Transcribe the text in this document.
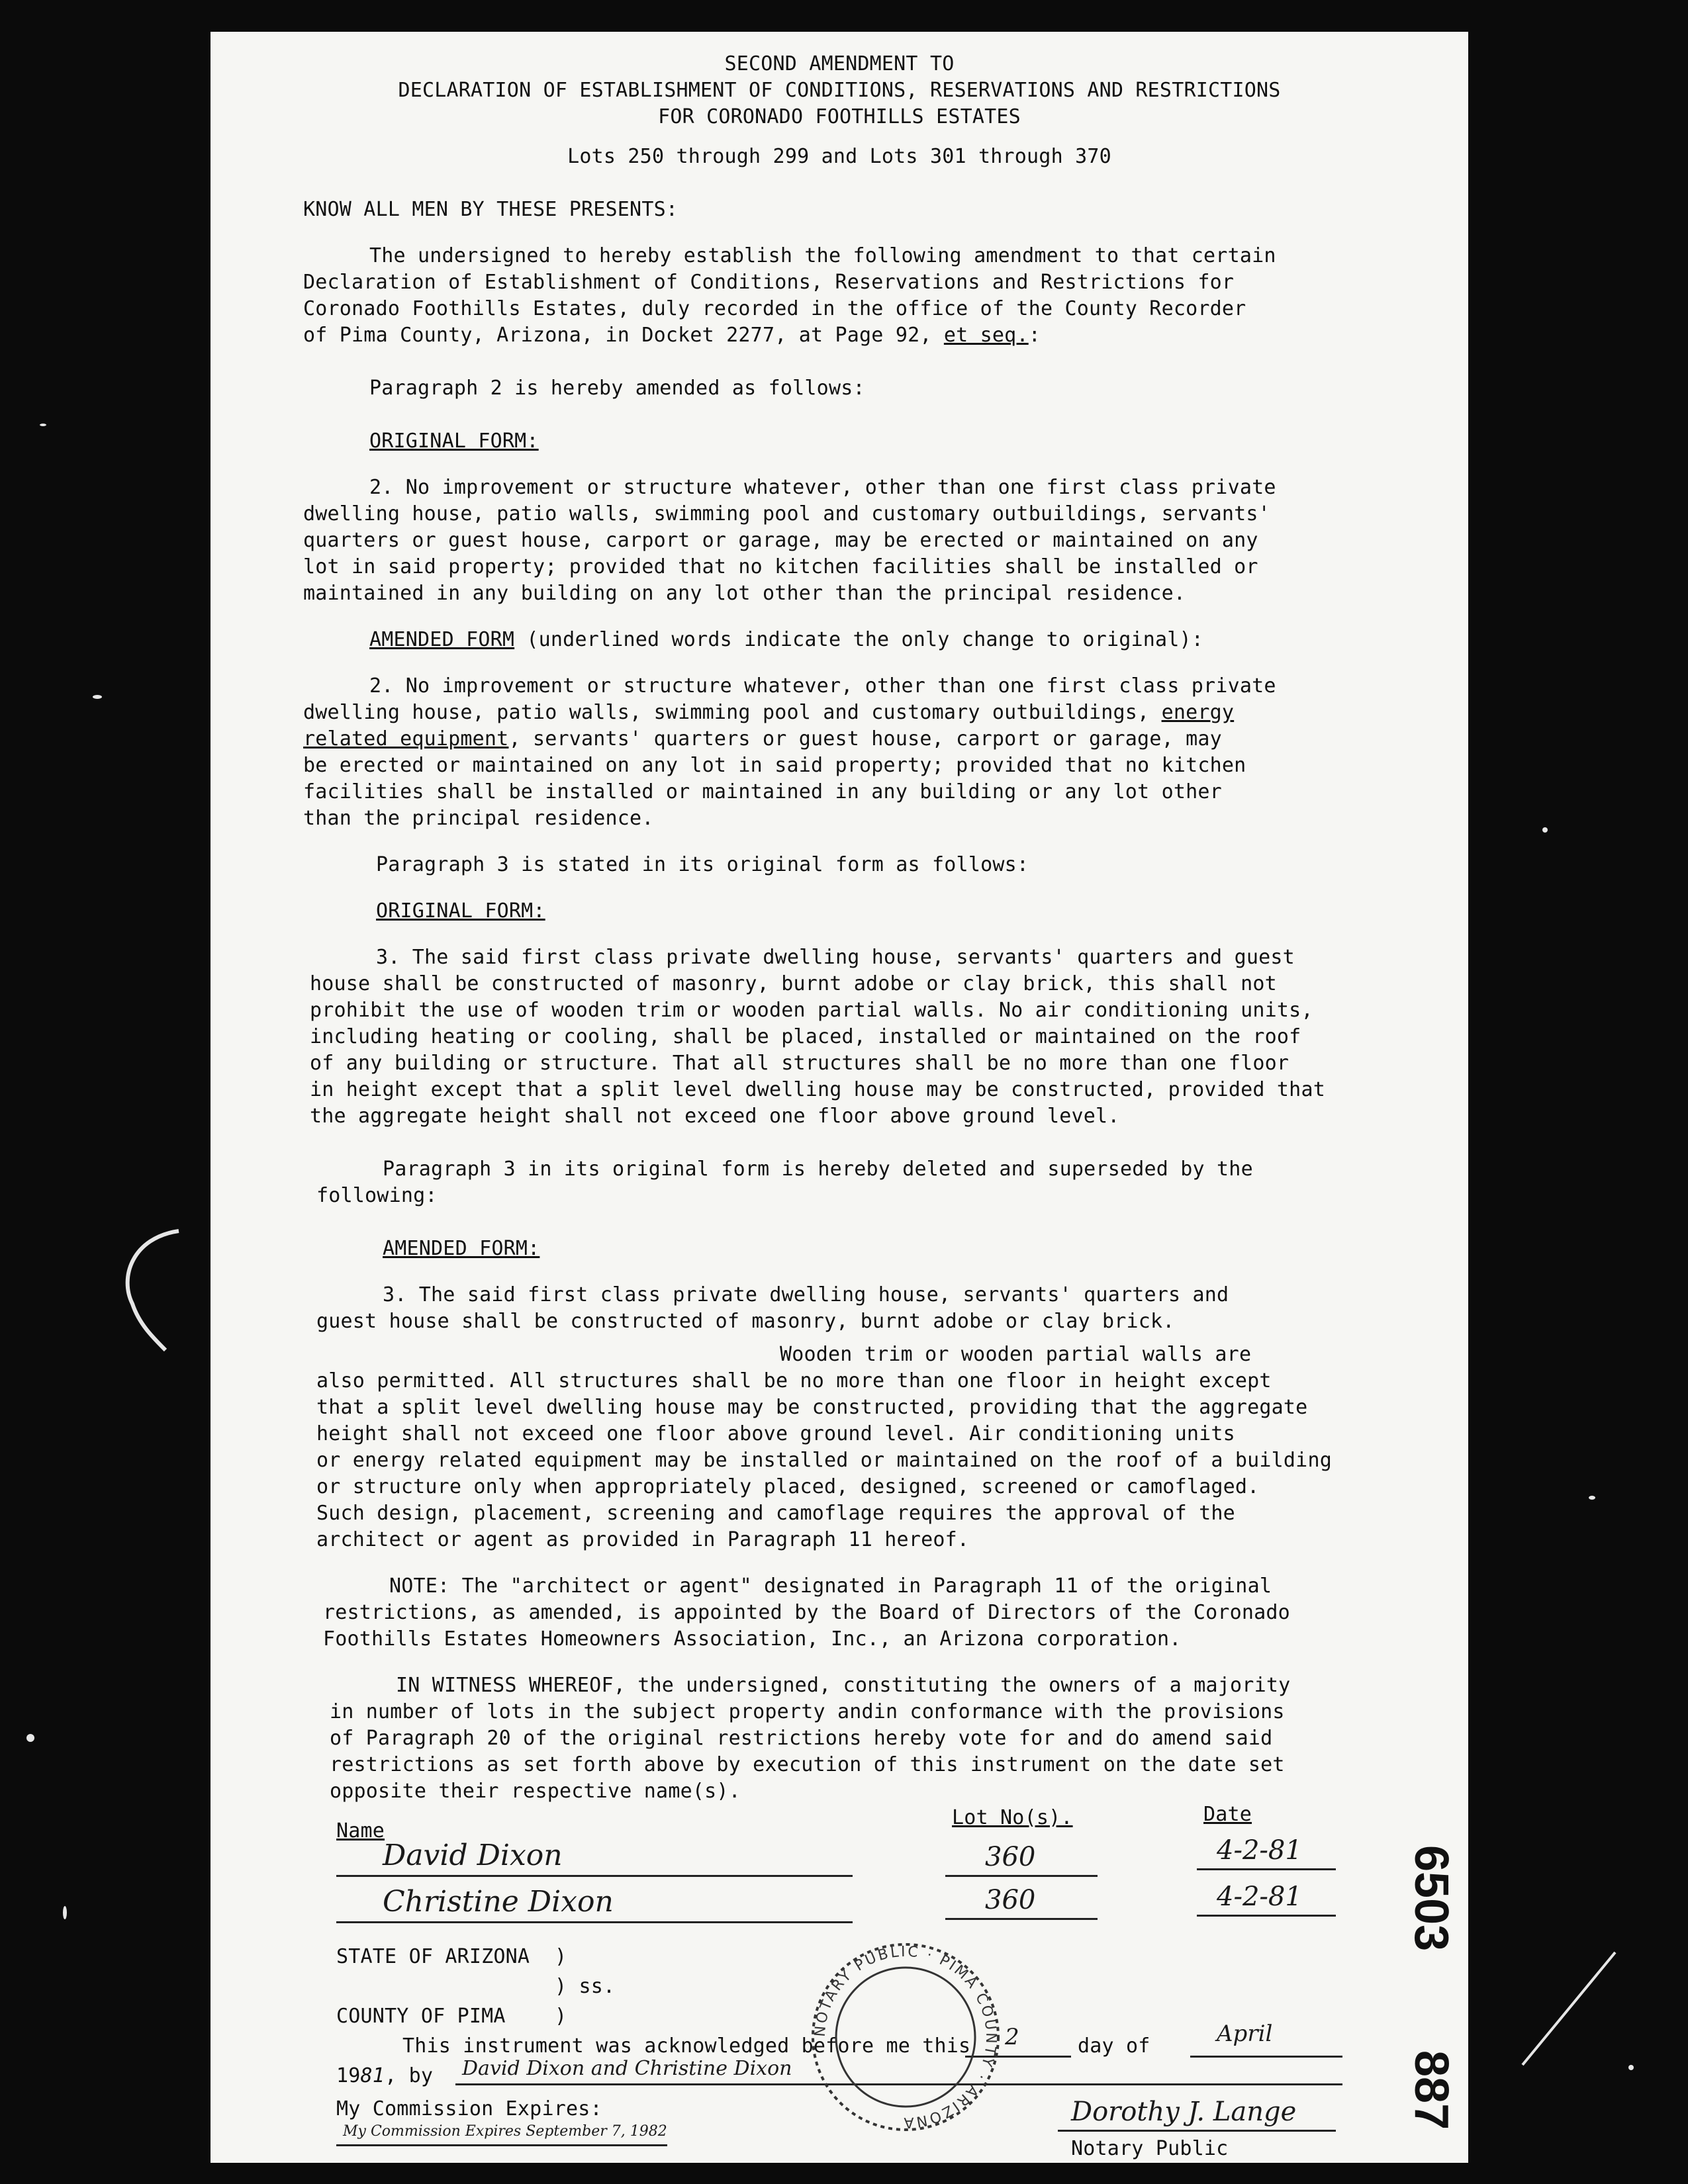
SECOND AMENDMENT TO
DECLARATION OF ESTABLISHMENT OF CONDITIONS, RESERVATIONS AND RESTRICTIONS
FOR CORONADO FOOTHILLS ESTATES
Lots 250 through 299 and Lots 301 through 370
KNOW ALL MEN BY THESE PRESENTS:
The undersigned to hereby establish the following amendment to that certain
Declaration of Establishment of Conditions, Reservations and Restrictions for
Coronado Foothills Estates, duly recorded in the office of the County Recorder
of Pima County, Arizona, in Docket 2277, at Page 92, et seq.:
Paragraph 2 is hereby amended as follows:
ORIGINAL FORM:
2. No improvement or structure whatever, other than one first class private
dwelling house, patio walls, swimming pool and customary outbuildings, servants'
quarters or guest house, carport or garage, may be erected or maintained on any
lot in said property; provided that no kitchen facilities shall be installed or
maintained in any building on any lot other than the principal residence.
AMENDED FORM (underlined words indicate the only change to original):
2. No improvement or structure whatever, other than one first class private
dwelling house, patio walls, swimming pool and customary outbuildings, energy
related equipment, servants' quarters or guest house, carport or garage, may
be erected or maintained on any lot in said property; provided that no kitchen
facilities shall be installed or maintained in any building or any lot other
than the principal residence.
Paragraph 3 is stated in its original form as follows:
ORIGINAL FORM:
3. The said first class private dwelling house, servants' quarters and guest
house shall be constructed of masonry, burnt adobe or clay brick, this shall not
prohibit the use of wooden trim or wooden partial walls. No air conditioning units,
including heating or cooling, shall be placed, installed or maintained on the roof
of any building or structure. That all structures shall be no more than one floor
in height except that a split level dwelling house may be constructed, provided that
the aggregate height shall not exceed one floor above ground level.
Paragraph 3 in its original form is hereby deleted and superseded by the
following:
AMENDED FORM:
3. The said first class private dwelling house, servants' quarters and
guest house shall be constructed of masonry, burnt adobe or clay brick.
Wooden trim or wooden partial walls are
also permitted. All structures shall be no more than one floor in height except
that a split level dwelling house may be constructed, providing that the aggregate
height shall not exceed one floor above ground level. Air conditioning units
or energy related equipment may be installed or maintained on the roof of a building
or structure only when appropriately placed, designed, screened or camoflaged.
Such design, placement, screening and camoflage requires the approval of the
architect or agent as provided in Paragraph 11 hereof.
NOTE: The "architect or agent" designated in Paragraph 11 of the original
restrictions, as amended, is appointed by the Board of Directors of the Coronado
Foothills Estates Homeowners Association, Inc., an Arizona corporation.
IN WITNESS WHEREOF, the undersigned, constituting the owners of a majority
in number of lots in the subject property andin conformance with the provisions
of Paragraph 20 of the original restrictions hereby vote for and do amend said
restrictions as set forth above by execution of this instrument on the date set
opposite their respective name(s).
Name
Lot No(s).	Date
David Dixon	360	4-2-81
Christine Dixon	360	4-2-81
STATE OF ARIZONA )
) ss.
COUNTY OF PIMA )
This instrument was acknowledged before me this 2	day of	April
1981, by David Dixon and Christine Dixon
My Commission Expires:
My Commission Expires September 7, 1982
Dorothy J. Lange
Notary Public
NOTARY PUBLIC · PIMA COUNTY · ARIZONA
6503
887
